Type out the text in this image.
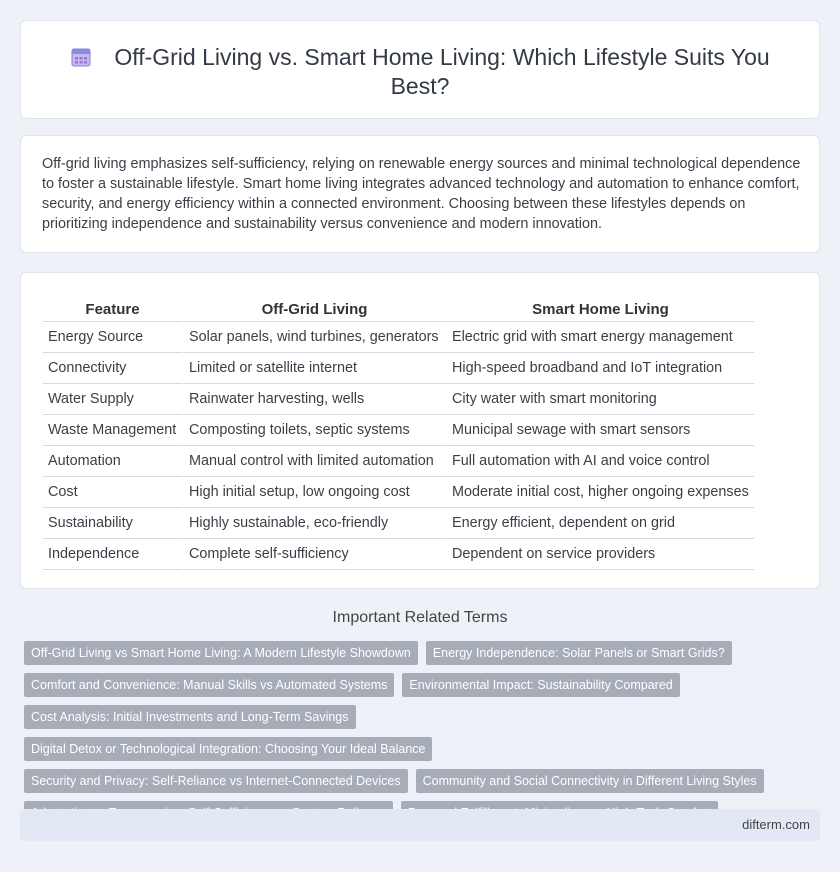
Off-Grid Living vs. Smart Home Living: Which Lifestyle Suits You Best?

Off-grid living emphasizes self-sufficiency, relying on renewable energy sources and minimal technological dependence to foster a sustainable lifestyle. Smart home living integrates advanced technology and automation to enhance comfort, security, and energy efficiency within a connected environment. Choosing between these lifestyles depends on prioritizing independence and sustainability versus convenience and modern innovation.

Feature	Off-Grid Living	Smart Home Living
Energy Source	Solar panels, wind turbines, generators	Electric grid with smart energy management
Connectivity	Limited or satellite internet	High-speed broadband and IoT integration
Water Supply	Rainwater harvesting, wells	City water with smart monitoring
Waste Management	Composting toilets, septic systems	Municipal sewage with smart sensors
Automation	Manual control with limited automation	Full automation with AI and voice control
Cost	High initial setup, low ongoing cost	Moderate initial cost, higher ongoing expenses
Sustainability	Highly sustainable, eco-friendly	Energy efficient, dependent on grid
Independence	Complete self-sufficiency	Dependent on service providers
Important Related Terms
Off-Grid Living vs Smart Home Living: A Modern Lifestyle Showdown	Energy Independence: Solar Panels or Smart Grids?
Comfort and Convenience: Manual Skills vs Automated Systems	Environmental Impact: Sustainability Compared
Cost Analysis: Initial Investments and Long-Term Savings
Digital Detox or Technological Integration: Choosing Your Ideal Balance
Security and Privacy: Self-Reliance vs Internet-Connected Devices	Community and Social Connectivity in Different Living Styles
difterm.com
